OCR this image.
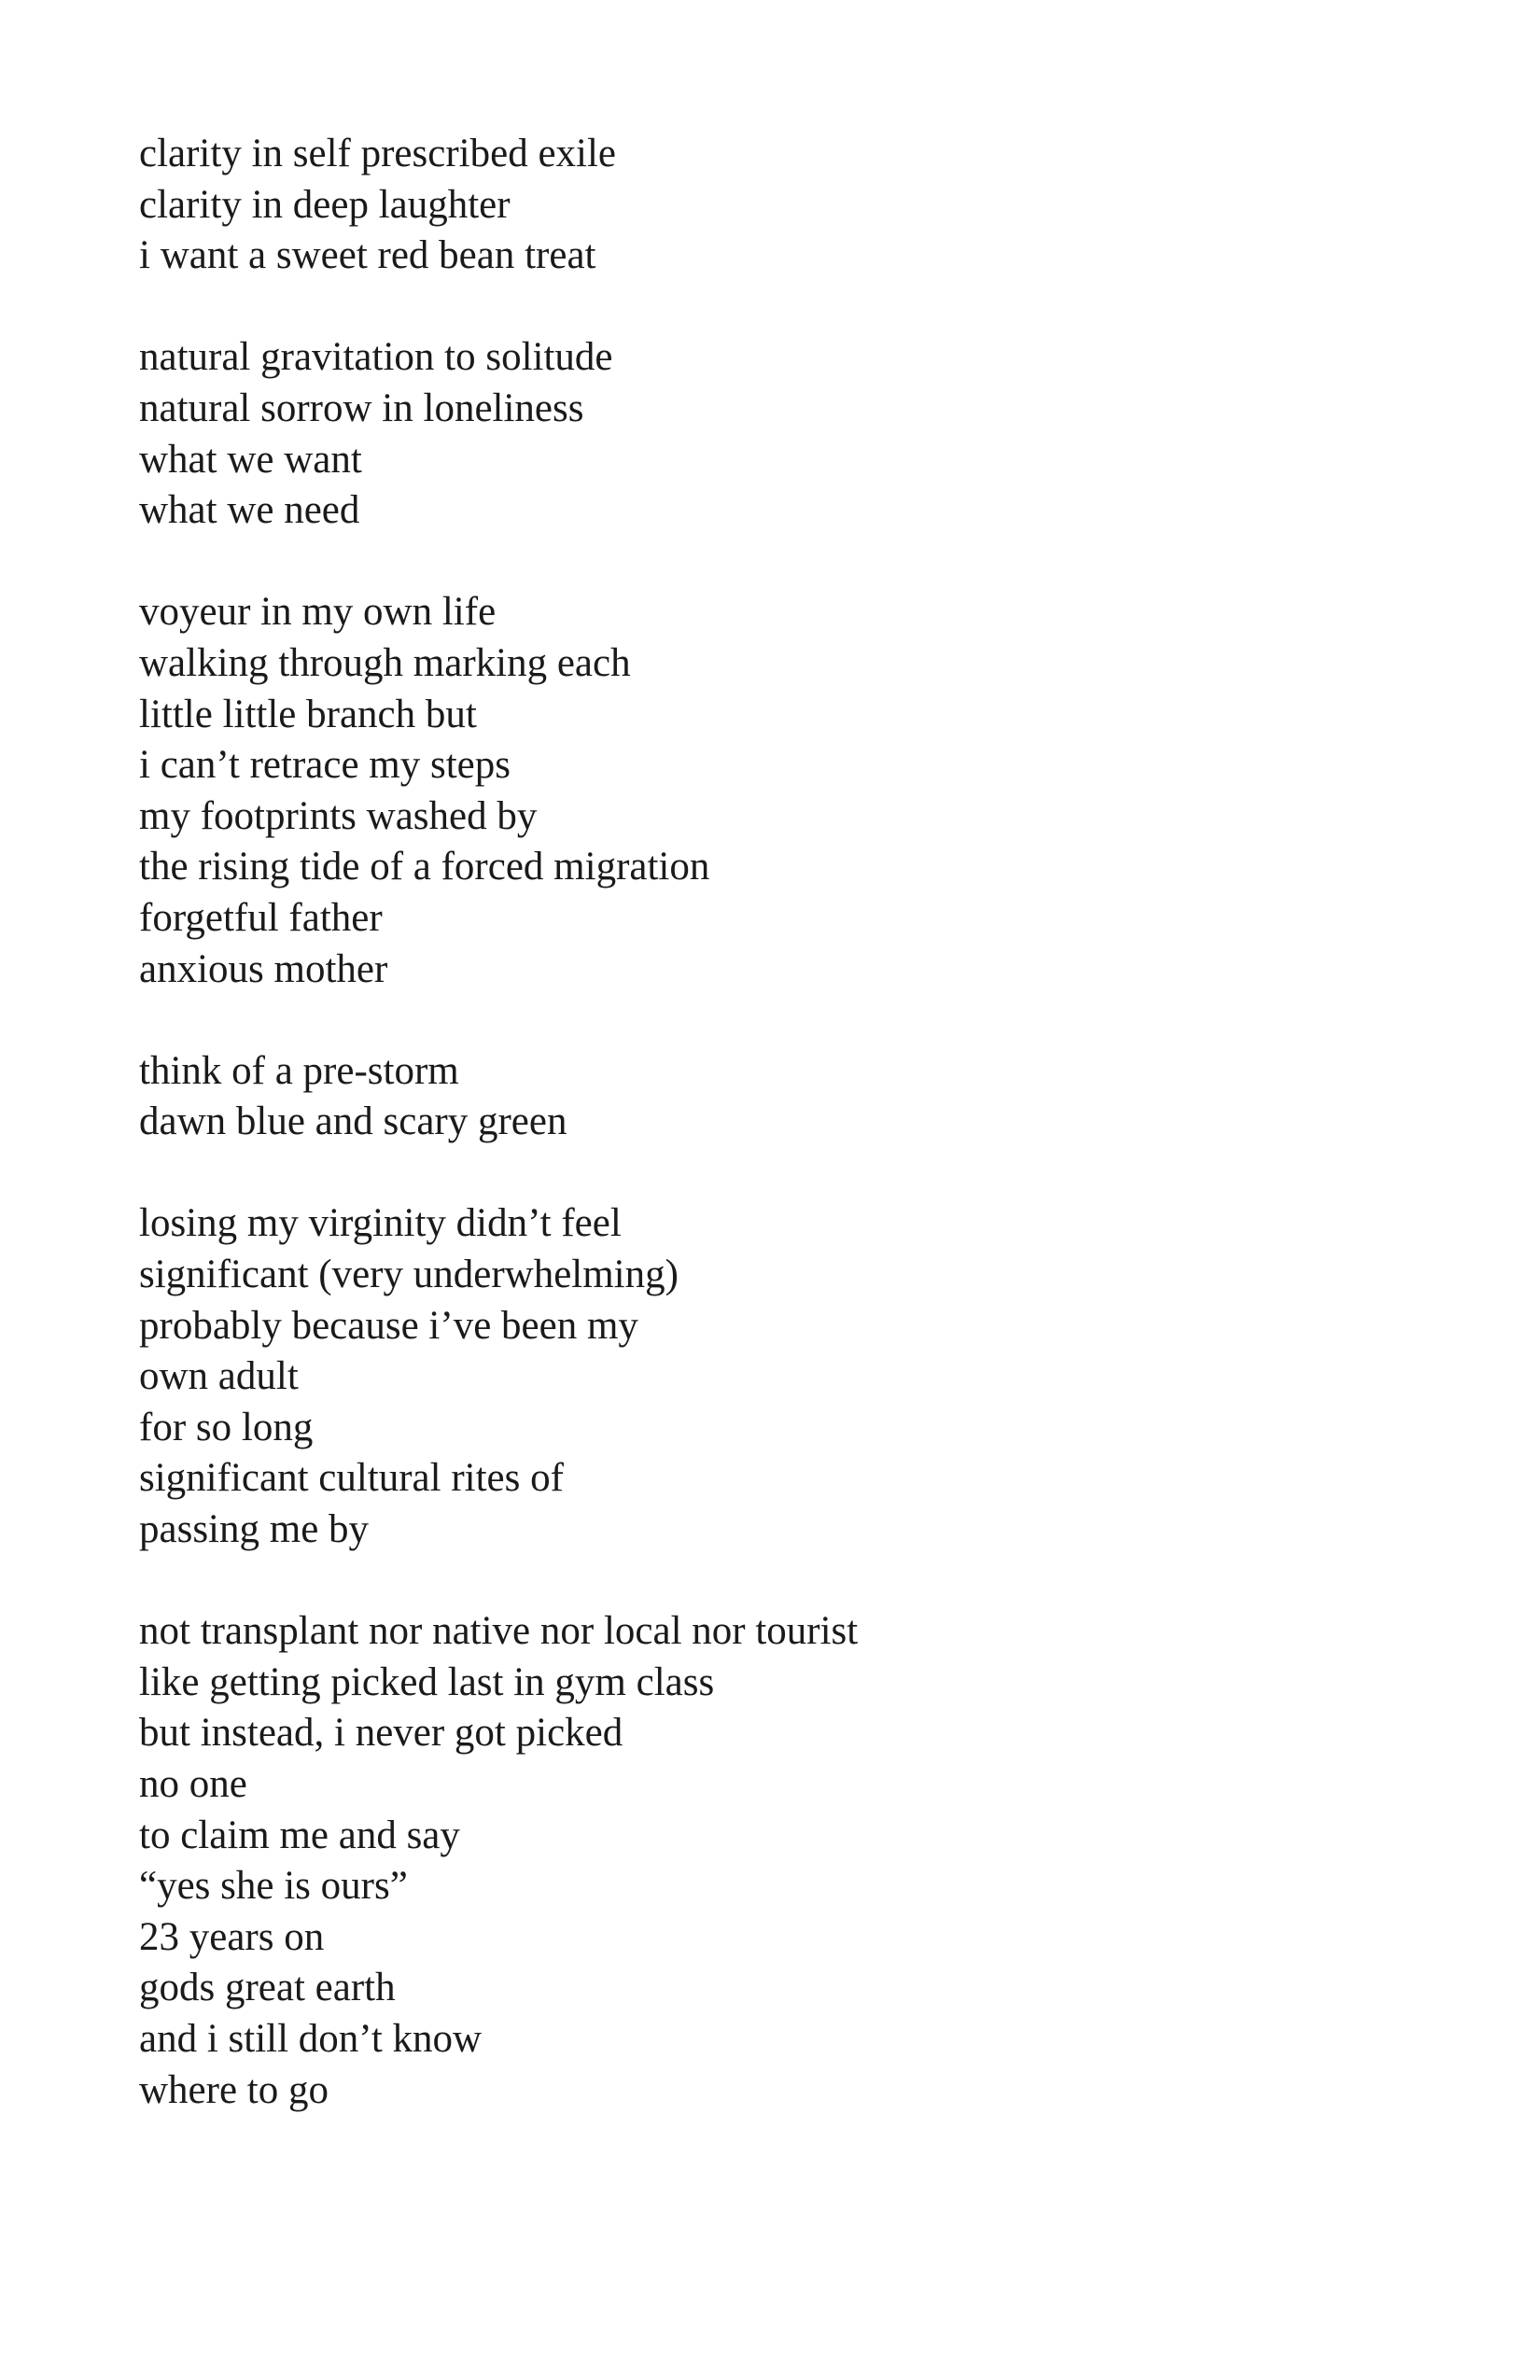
clarity in self prescribed exile
clarity in deep laughter
i want a sweet red bean treat
natural gravitation to solitude
natural sorrow in loneliness
what we want
what we need
voyeur in my own life
walking through marking each
little little branch but
i can’t retrace my steps
my footprints washed by
the rising tide of a forced migration
forgetful father
anxious mother
think of a pre-storm
dawn blue and scary green
losing my virginity didn’t feel
significant (very underwhelming)
probably because i’ve been my
own adult
for so long
significant cultural rites of
passing me by
not transplant nor native nor local nor tourist
like getting picked last in gym class
but instead, i never got picked
no one
to claim me and say
“yes she is ours”
23 years on
gods great earth
and i still don’t know
where to go
